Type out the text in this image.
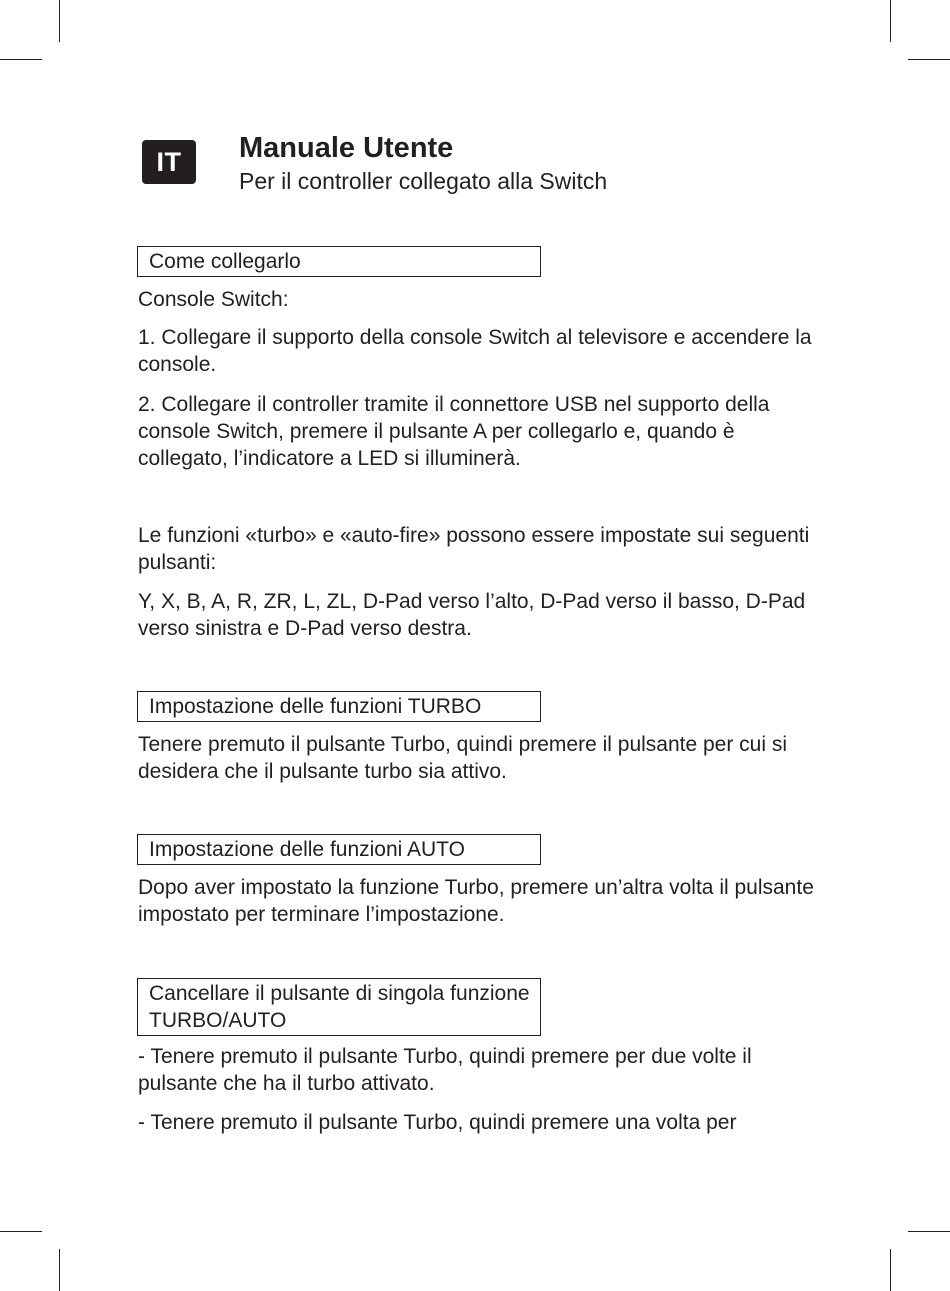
IT	Manuale Utente

Per il controller collegato alla Switch

Come collegarlo

Console Switch:

1. Collegare il supporto della console Switch al televisore e accendere la console.

2. Collegare il controller tramite il connettore USB nel supporto della console Switch, premere il pulsante A per collegarlo e, quando è collegato, l’indicatore a LED si illuminerà.

Le funzioni «turbo» e «auto-fire» possono essere impostate sui seguenti pulsanti:

Y, X, B, A, R, ZR, L, ZL, D-Pad verso l’alto, D-Pad verso il basso, D-Pad verso sinistra e D-Pad verso destra.

Impostazione delle funzioni TURBO

Tenere premuto il pulsante Turbo, quindi premere il pulsante per cui si desidera che il pulsante turbo sia attivo.

Impostazione delle funzioni AUTO

Dopo aver impostato la funzione Turbo, premere un’altra volta il pulsante impostato per terminare l’impostazione.

Cancellare il pulsante di singola funzione TURBO/AUTO

- Tenere premuto il pulsante Turbo, quindi premere per due volte il pulsante che ha il turbo attivato.

- Tenere premuto il pulsante Turbo, quindi premere una volta per
